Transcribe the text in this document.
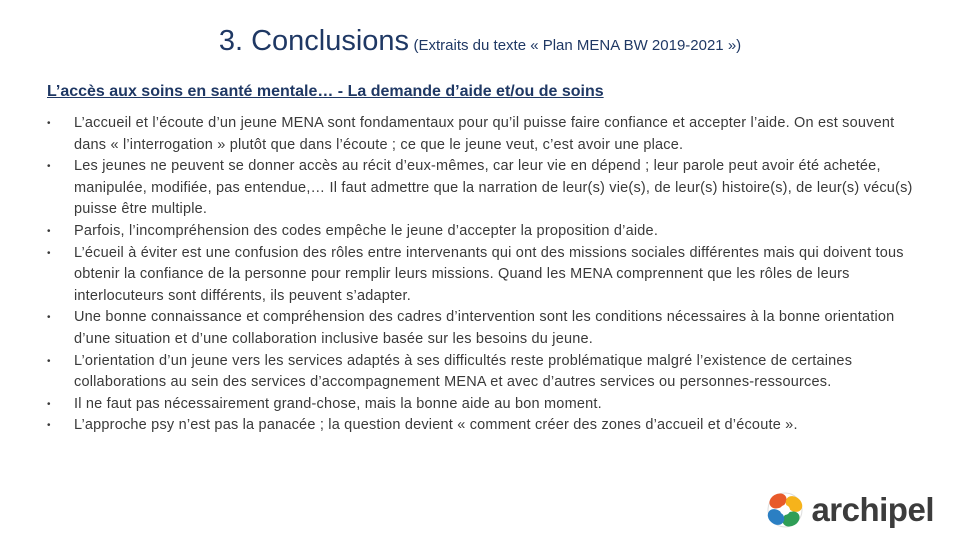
3. Conclusions (Extraits du texte « Plan MENA BW 2019-2021 »)
L’accès aux soins en santé mentale… - La demande d’aide et/ou de soins
•	L’accueil et l’écoute d’un jeune MENA sont fondamentaux pour qu’il puisse faire confiance et accepter l’aide. On est souvent dans « l’interrogation » plutôt que dans l’écoute ; ce que le jeune veut, c’est avoir une place.
•	Les jeunes ne peuvent se donner accès au récit d’eux-mêmes, car leur vie en dépend ; leur parole peut avoir été achetée, manipulée, modifiée, pas entendue,… Il faut admettre que la narration de leur(s) vie(s), de leur(s) histoire(s), de leur(s) vécu(s) puisse être multiple.
•	Parfois, l’incompréhension des codes empêche le jeune d’accepter la proposition d’aide.
•	L’écueil à éviter est une confusion des rôles entre intervenants qui ont des missions sociales différentes mais qui doivent tous obtenir la confiance de la personne pour remplir leurs missions. Quand les MENA comprennent que les rôles de leurs interlocuteurs sont différents, ils peuvent s’adapter.
•	Une bonne connaissance et compréhension des cadres d’intervention sont les conditions nécessaires à la bonne orientation d’une situation et d’une collaboration inclusive basée sur les besoins du jeune.
•	L’orientation d’un jeune vers les services adaptés à ses difficultés reste problématique malgré l’existence de certaines collaborations au sein des services d’accompagnement MENA et avec d’autres services ou personnes-ressources.
•	Il ne faut pas nécessairement grand-chose, mais la bonne aide au bon moment.
•	L’approche psy n’est pas la panacée ; la question devient « comment créer des zones d’accueil et d’écoute ».
archipel
